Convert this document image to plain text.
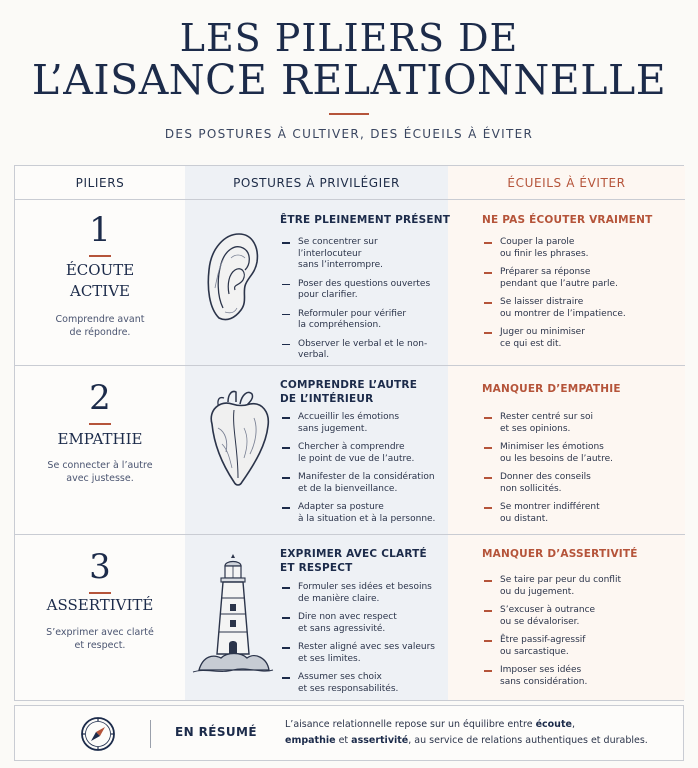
LES PILIERS DE
L’AISANCE RELATIONNELLE
DES POSTURES À CULTIVER, DES ÉCUEILS À ÉVITER
PILIERS	POSTURES À PRIVILÉGIER	ÉCUEILS À ÉVITER
1
ÉCOUTE
ACTIVE
Comprendre avant de répondre.
ÊTRE PLEINEMENT PRÉSENT
Se concentrer sur l’interlocuteur
sans l’interrompre.
Poser des questions ouvertes
pour clarifier.
Reformuler pour vérifier
la compréhension.
Observer le verbal et le non-verbal.
NE PAS ÉCOUTER VRAIMENT
Couper la parole
ou finir les phrases.
Préparer sa réponse
pendant que l’autre parle.
Se laisser distraire
ou montrer de l’impatience.
Juger ou minimiser
ce qui est dit.
2
EMPATHIE
Se connecter à l’autre avec justesse.
COMPRENDRE L’AUTRE
DE L’INTÉRIEUR
Accueillir les émotions
sans jugement.
Chercher à comprendre
le point de vue de l’autre.
Manifester de la considération
et de la bienveillance.
Adapter sa posture
à la situation et à la personne.
MANQUER D’EMPATHIE
Rester centré sur soi
et ses opinions.
Minimiser les émotions
ou les besoins de l’autre.
Donner des conseils
non sollicités.
Se montrer indifférent
ou distant.
3
ASSERTIVITÉ
S’exprimer avec clarté et respect.
EXPRIMER AVEC CLARTÉ
ET RESPECT
Formuler ses idées et besoins
de manière claire.
Dire non avec respect
et sans agressivité.
Rester aligné avec ses valeurs
et ses limites.
Assumer ses choix
et ses responsabilités.
MANQUER D’ASSERTIVITÉ
Se taire par peur du conflit
ou du jugement.
S’excuser à outrance
ou se dévaloriser.
Être passif-agressif
ou sarcastique.
Imposer ses idées
sans considération.
EN RÉSUMÉ
L’aisance relationnelle repose sur un équilibre entre écoute,
empathie et assertivité, au service de relations authentiques et durables.
